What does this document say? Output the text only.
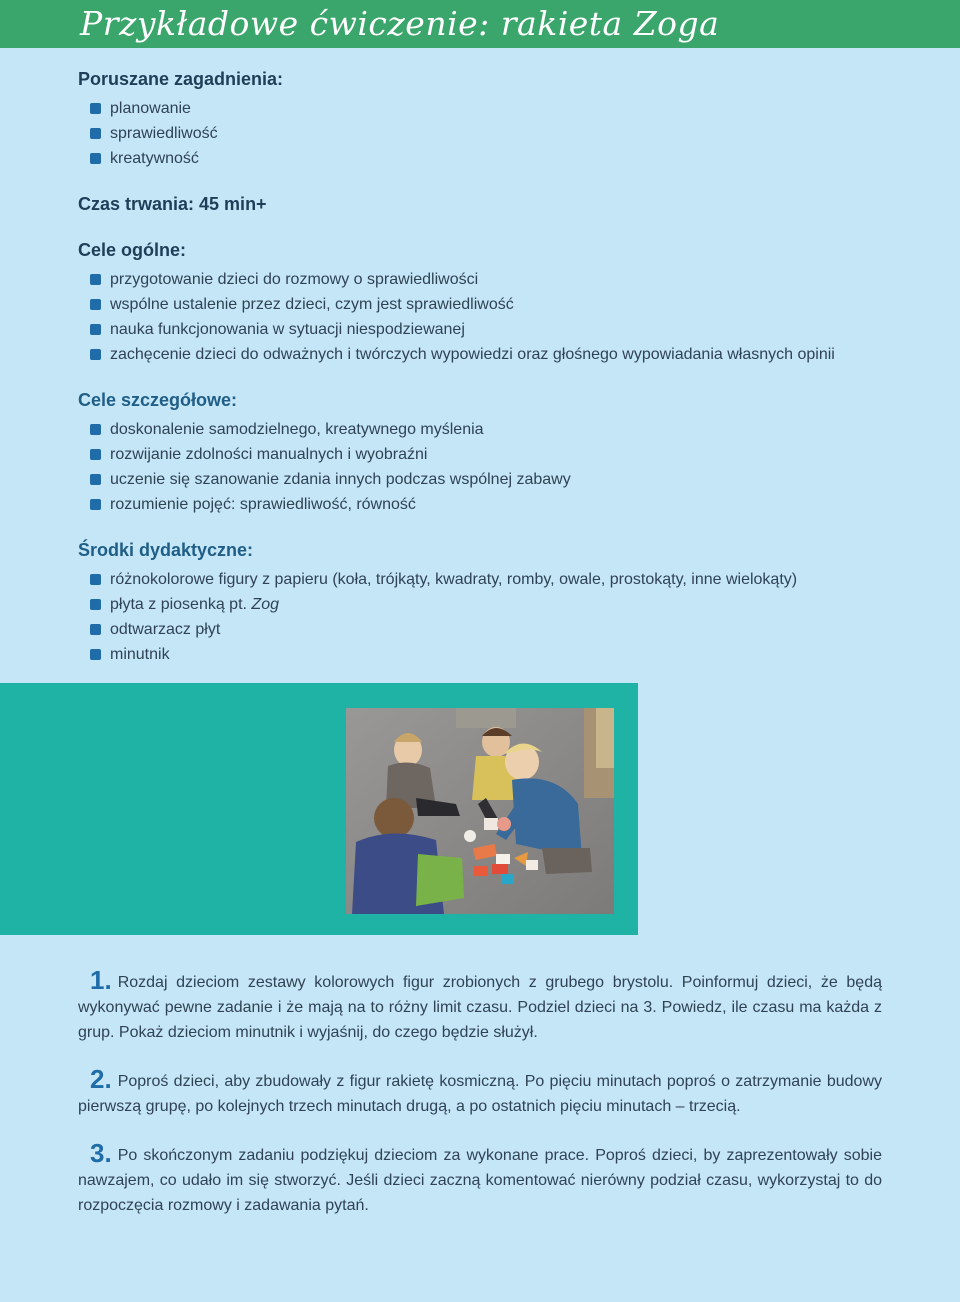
Przykładowe ćwiczenie: rakieta Zoga
Poruszane zagadnienia:
planowanie
sprawiedliwość
kreatywność
Czas trwania: 45 min+
Cele ogólne:
przygotowanie dzieci do rozmowy o sprawiedliwości
wspólne ustalenie przez dzieci, czym jest sprawiedliwość
nauka funkcjonowania w sytuacji niespodziewanej
zachęcenie dzieci do odważnych i twórczych wypowiedzi oraz głośnego wypowiadania własnych opinii
Cele szczegółowe:
doskonalenie samodzielnego, kreatywnego myślenia
rozwijanie zdolności manualnych i wyobraźni
uczenie się szanowanie zdania innych podczas wspólnej zabawy
rozumienie pojęć: sprawiedliwość, równość
Środki dydaktyczne:
różnokolorowe figury z papieru (koła, trójkąty, kwadraty, romby, owale, prostokąty, inne wielokąty)
płyta z piosenką pt. Zog
odtwarzacz płyt
minutnik

1. Rozdaj dzieciom zestawy kolorowych figur zrobionych z grubego brystolu. Poinformuj dzieci, że będą wykonywać pewne zadanie i że mają na to różny limit czasu. Podziel dzieci na 3. Powiedz, ile czasu ma każda z grup. Pokaż dzieciom minutnik i wyjaśnij, do czego będzie służył.

2. Poproś dzieci, aby zbudowały z figur rakietę kosmiczną. Po pięciu minutach poproś o zatrzymanie budowy pierwszą grupę, po kolejnych trzech minutach drugą, a po ostatnich pięciu minutach – trzecią.

3. Po skończonym zadaniu podziękuj dzieciom za wykonane prace. Poproś dzieci, by zaprezentowały sobie nawzajem, co udało im się stworzyć. Jeśli dzieci zaczną komentować nierówny podział czasu, wykorzystaj to do rozpoczęcia rozmowy i zadawania pytań.
